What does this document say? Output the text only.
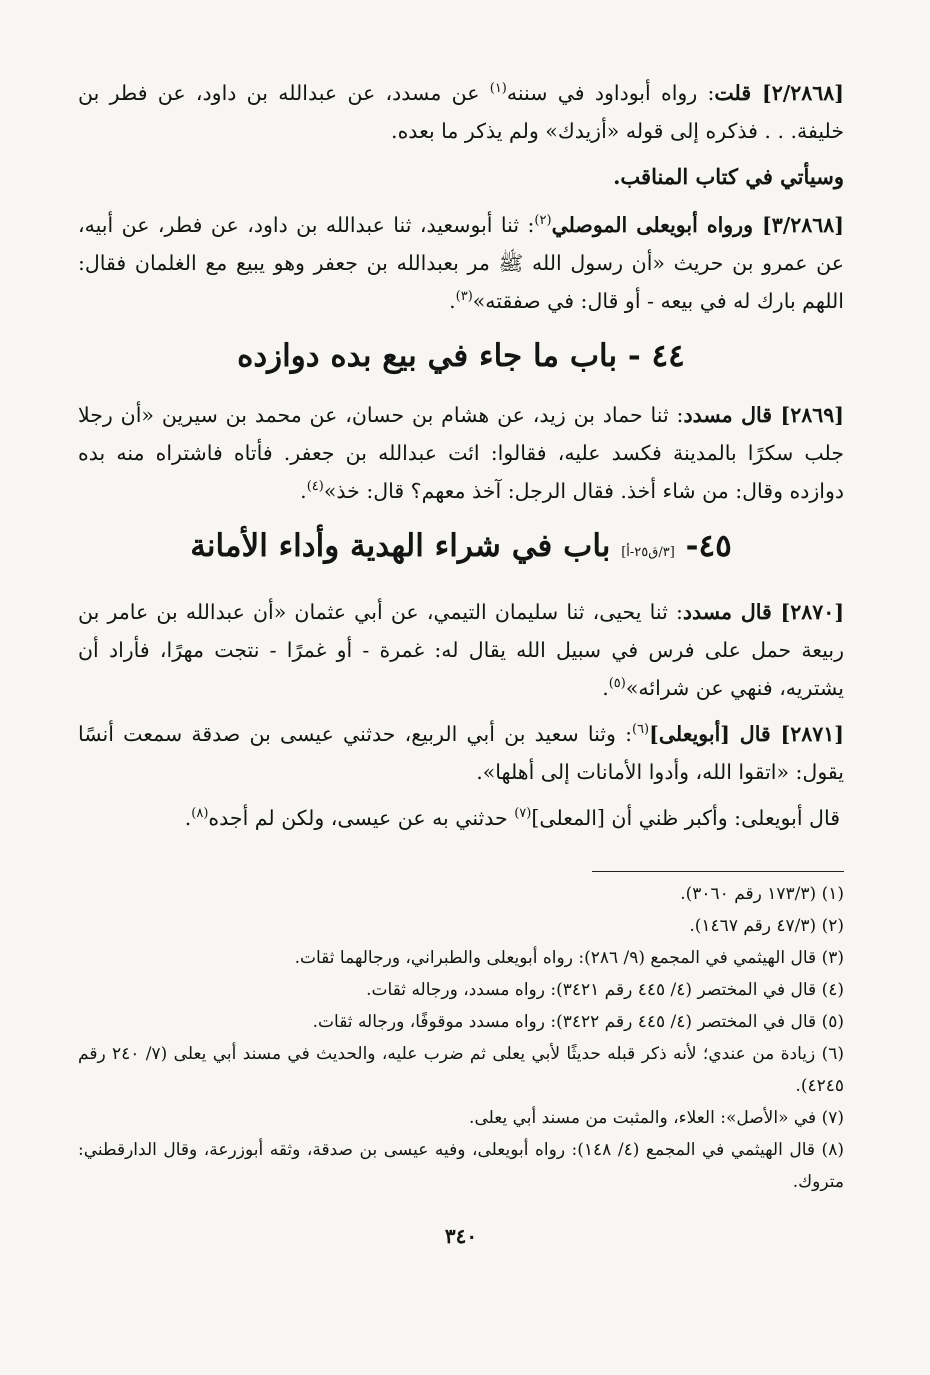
[٢/٢٨٦٨] قلت: رواه أبوداود في سننه$^{(١)}$ عن مسدد، عن عبدالله بن داود، عن فطر بن خليفة. . . فذكره إلى قوله «أزيدك» ولم يذكر ما بعده.

وسيأتي في كتاب المناقب.

[٣/٢٨٦٨] ورواه أبويعلى الموصلي$^{(٢)}$: ثنا أبوسعيد، ثنا عبدالله بن داود، عن فطر، عن أبيه، عن عمرو بن حريث «أن رسول الله ﷺ مر بعبدالله بن جعفر وهو يبيع مع الغلمان فقال: اللهم بارك له في بيعه - أو قال: في صفقته»$^{(٣)}$.

٤٤ - باب ما جاء في بيع بده دوازده

[٢٨٦٩] قال مسدد: ثنا حماد بن زيد، عن هشام بن حسان، عن محمد بن سيرين «أن رجلا جلب سكرًا بالمدينة فكسد عليه، فقالوا: ائت عبدالله بن جعفر. فأتاه فاشتراه منه بده دوازده وقال: من شاء أخذ. فقال الرجل: آخذ معهم؟ قال: خذ»$^{(٤)}$.

٤٥- [٣/ق٢٥-أ] باب في شراء الهدية وأداء الأمانة

[٢٨٧٠] قال مسدد: ثنا يحيى، ثنا سليمان التيمي، عن أبي عثمان «أن عبدالله بن عامر بن ربيعة حمل على فرس في سبيل الله يقال له: غمرة - أو غمرًا - نتجت مهرًا، فأراد أن يشتريه، فنهي عن شرائه»$^{(٥)}$.

[٢٨٧١] قال [أبويعلى]$^{(٦)}$: وثنا سعيد بن أبي الربيع، حدثني عيسى بن صدقة سمعت أنسًا يقول: «اتقوا الله، وأدوا الأمانات إلى أهلها».

قال أبويعلى: وأكبر ظني أن [المعلى]$^{(٧)}$ حدثني به عن عيسى، ولكن لم أجده$^{(٨)}$.

(١) (١٧٣/٣ رقم ٣٠٦٠).

(٢) (٤٧/٣ رقم ١٤٦٧).

(٣) قال الهيثمي في المجمع (٩/ ٢٨٦): رواه أبويعلى والطبراني، ورجالهما ثقات.

(٤) قال في المختصر (٤/ ٤٤٥ رقم ٣٤٢١): رواه مسدد، ورجاله ثقات.

(٥) قال في المختصر (٤/ ٤٤٥ رقم ٣٤٢٢): رواه مسدد موقوفًا، ورجاله ثقات.

(٦) زيادة من عندي؛ لأنه ذكر قبله حديثًا لأبي يعلى ثم ضرب عليه، والحديث في مسند أبي يعلى (٧/ ٢٤٠ رقم ٤٢٤٥).

(٧) في «الأصل»: العلاء، والمثبت من مسند أبي يعلى.

(٨) قال الهيثمي في المجمع (٤/ ١٤٨): رواه أبويعلى، وفيه عيسى بن صدقة، وثقه أبوزرعة، وقال الدارقطني: متروك.

٣٤٠
